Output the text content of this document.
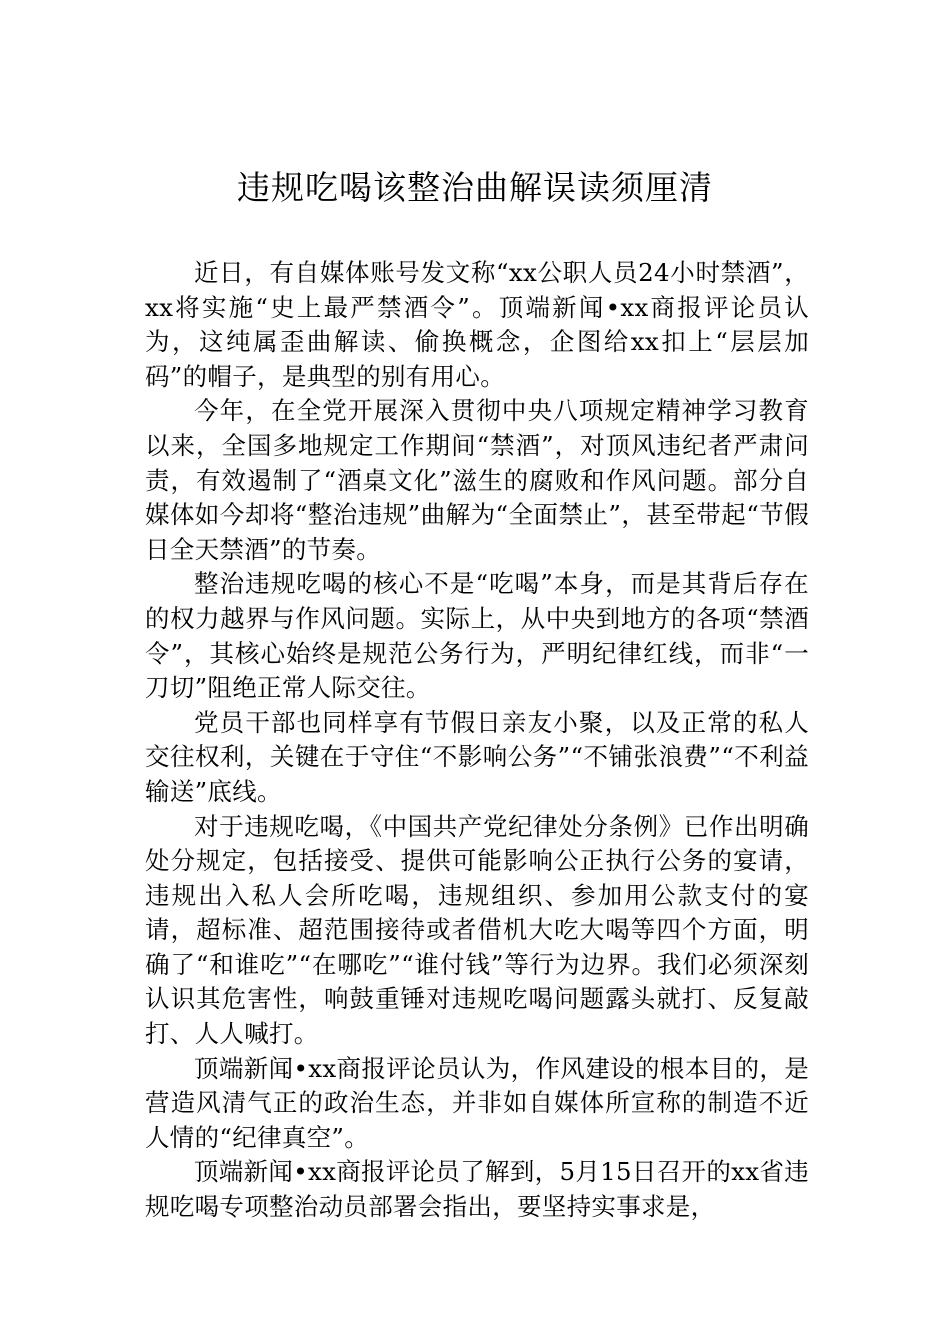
违规吃喝该整治曲解误读须厘清

近日，有自媒体账号发文称“xx公职人员24小时禁酒”，xx将实施“史上最严禁酒令”。顶端新闻•xx商报评论员认为，这纯属歪曲解读、偷换概念，企图给xx扣上“层层加码”的帽子，是典型的别有用心。

今年，在全党开展深入贯彻中央八项规定精神学习教育以来，全国多地规定工作期间“禁酒”，对顶风违纪者严肃问责，有效遏制了“酒桌文化”滋生的腐败和作风问题。部分自媒体如今却将“整治违规”曲解为“全面禁止”，甚至带起“节假日全天禁酒”的节奏。

整治违规吃喝的核心不是“吃喝”本身，而是其背后存在的权力越界与作风问题。实际上，从中央到地方的各项“禁酒令”，其核心始终是规范公务行为，严明纪律红线，而非“一刀切”阻绝正常人际交往。

党员干部也同样享有节假日亲友小聚，以及正常的私人交往权利，关键在于守住“不影响公务”“不铺张浪费”“不利益输送”底线。

对于违规吃喝，《中国共产党纪律处分条例》已作出明确处分规定，包括接受、提供可能影响公正执行公务的宴请，违规出入私人会所吃喝，违规组织、参加用公款支付的宴请，超标准、超范围接待或者借机大吃大喝等四个方面，明确了“和谁吃”“在哪吃”“谁付钱”等行为边界。我们必须深刻认识其危害性，响鼓重锤对违规吃喝问题露头就打、反复敲打、人人喊打。

顶端新闻•xx商报评论员认为，作风建设的根本目的，是营造风清气正的政治生态，并非如自媒体所宣称的制造不近人情的“纪律真空”。

顶端新闻•xx商报评论员了解到，5月15日召开的xx省违规吃喝专项整治动员部署会指出，要坚持实事求是，
